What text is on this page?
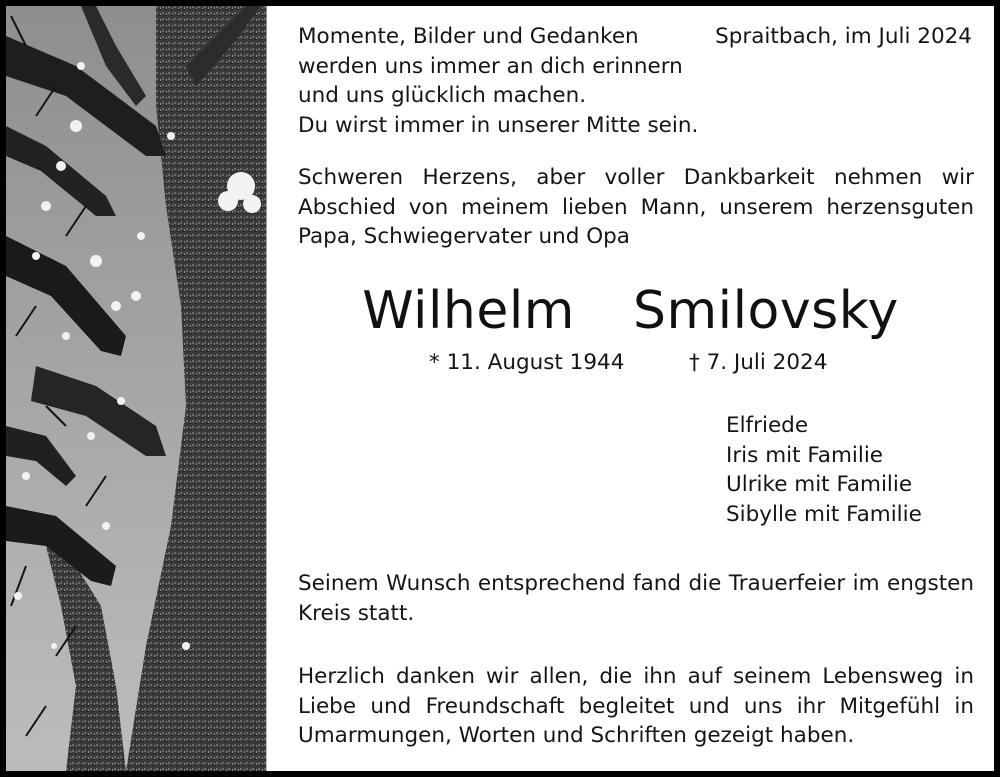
Momente, Bilder und Gedanken
werden uns immer an dich erinnern
und uns glücklich machen.
Du wirst immer in unserer Mitte sein.

Spraitbach, im Juli 2024

Schweren Herzens, aber voller Dankbarkeit nehmen wir
Abschied von meinem lieben Mann, unserem herzensguten
Papa, Schwiegervater und Opa

Wilhelm  Smilovsky

* 11. August 1944	† 7. Juli 2024

Elfriede
Iris mit Familie
Ulrike mit Familie
Sibylle mit Familie

Seinem Wunsch entsprechend fand die Trauerfeier im engsten
Kreis statt.

Herzlich danken wir allen, die ihn auf seinem Lebensweg in
Liebe und Freundschaft begleitet und uns ihr Mitgefühl in
Umarmungen, Worten und Schriften gezeigt haben.
